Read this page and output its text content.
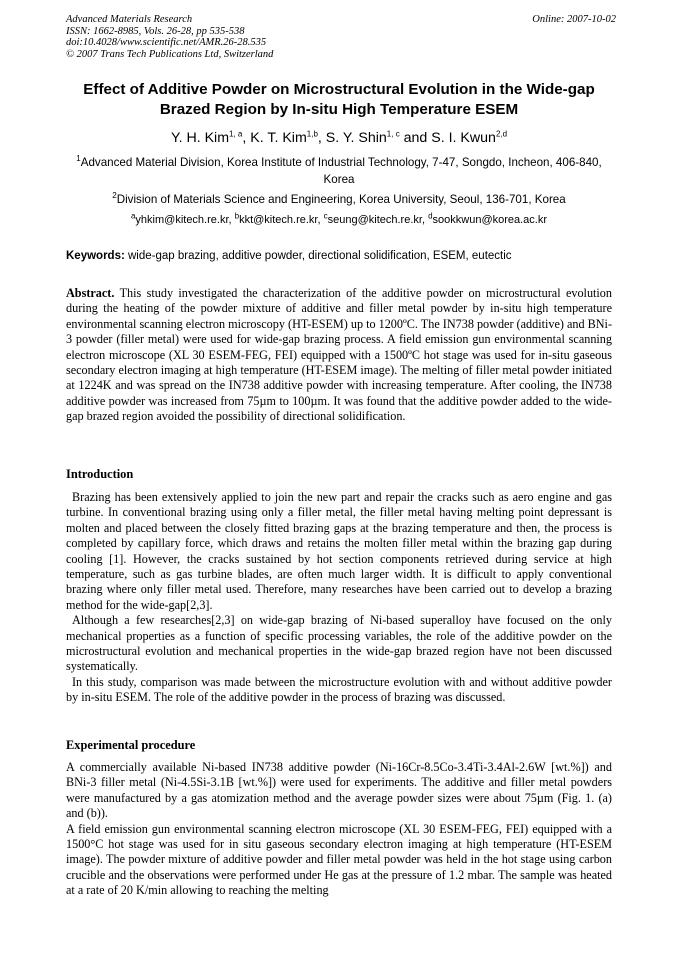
Advanced Materials Research
ISSN: 1662-8985, Vols. 26-28, pp 535-538
doi:10.4028/www.scientific.net/AMR.26-28.535
© 2007 Trans Tech Publications Ltd, Switzerland
Online: 2007-10-02
Effect of Additive Powder on Microstructural Evolution in the Wide-gap
Brazed Region by In-situ High Temperature ESEM
Y. H. Kim$^{1, a}$, K. T. Kim$^{1,b}$, S. Y. Shin$^{1, c}$ and S. I. Kwun$^{2,d}$
$^1$Advanced Material Division, Korea Institute of Industrial Technology, 7-47, Songdo, Incheon, 406-840, Korea
$^2$Division of Materials Science and Engineering, Korea University, Seoul, 136-701, Korea
$^a$yhkim@kitech.re.kr, $^b$kkt@kitech.re.kr, $^c$seung@kitech.re.kr, $^d$sookkwun@korea.ac.kr
Keywords: wide-gap brazing, additive powder, directional solidification, ESEM, eutectic
Abstract. This study investigated the characterization of the additive powder on microstructural evolution during the heating of the powder mixture of additive and filler metal powder by in-situ high temperature environmental scanning electron microscopy (HT-ESEM) up to 1200ºC. The IN738 powder (additive) and BNi-3 powder (filler metal) were used for wide-gap brazing process. A field emission gun environmental scanning electron microscope (XL 30 ESEM-FEG, FEI) equipped with a 1500ºC hot stage was used for in-situ gaseous secondary electron imaging at high temperature (HT-ESEM image). The melting of filler metal powder initiated at 1224K and was spread on the IN738 additive powder with increasing temperature. After cooling, the IN738 additive powder was increased from 75µm to 100µm. It was found that the additive powder added to the wide-gap brazed region avoided the possibility of directional solidification.
Introduction

Brazing has been extensively applied to join the new part and repair the cracks such as aero engine and gas turbine. In conventional brazing using only a filler metal, the filler metal having melting point depressant is molten and placed between the closely fitted brazing gaps at the brazing temperature and then, the process is completed by capillary force, which draws and retains the molten filler metal within the brazing gap during cooling [1]. However, the cracks sustained by hot section components retrieved during service at high temperature, such as gas turbine blades, are often much larger width. It is difficult to apply conventional brazing where only filler metal used. Therefore, many researches have been carried out to develop a brazing method for the wide-gap[2,3].

Although a few researches[2,3] on wide-gap brazing of Ni-based superalloy have focused on the only mechanical properties as a function of specific processing variables, the role of the additive powder on the microstructural evolution and mechanical properties in the wide-gap brazed region have not been discussed systematically.

In this study, comparison was made between the microstructure evolution with and without additive powder by in-situ ESEM. The role of the additive powder in the process of brazing was discussed.

Experimental procedure

A commercially available Ni-based IN738 additive powder (Ni-16Cr-8.5Co-3.4Ti-3.4Al-2.6W [wt.%]) and BNi-3 filler metal (Ni-4.5Si-3.1B [wt.%]) were used for experiments. The additive and filler metal powders were manufactured by a gas atomization method and the average powder sizes were about 75µm (Fig. 1. (a) and (b)).

A field emission gun environmental scanning electron microscope (XL 30 ESEM-FEG, FEI) equipped with a 1500°C hot stage was used for in situ gaseous secondary electron imaging at high temperature (HT-ESEM image). The powder mixture of additive powder and filler metal powder was held in the hot stage using carbon crucible and the observations were performed under He gas at the pressure of 1.2 mbar. The sample was heated at a rate of 20 K/min allowing to reaching the melting
